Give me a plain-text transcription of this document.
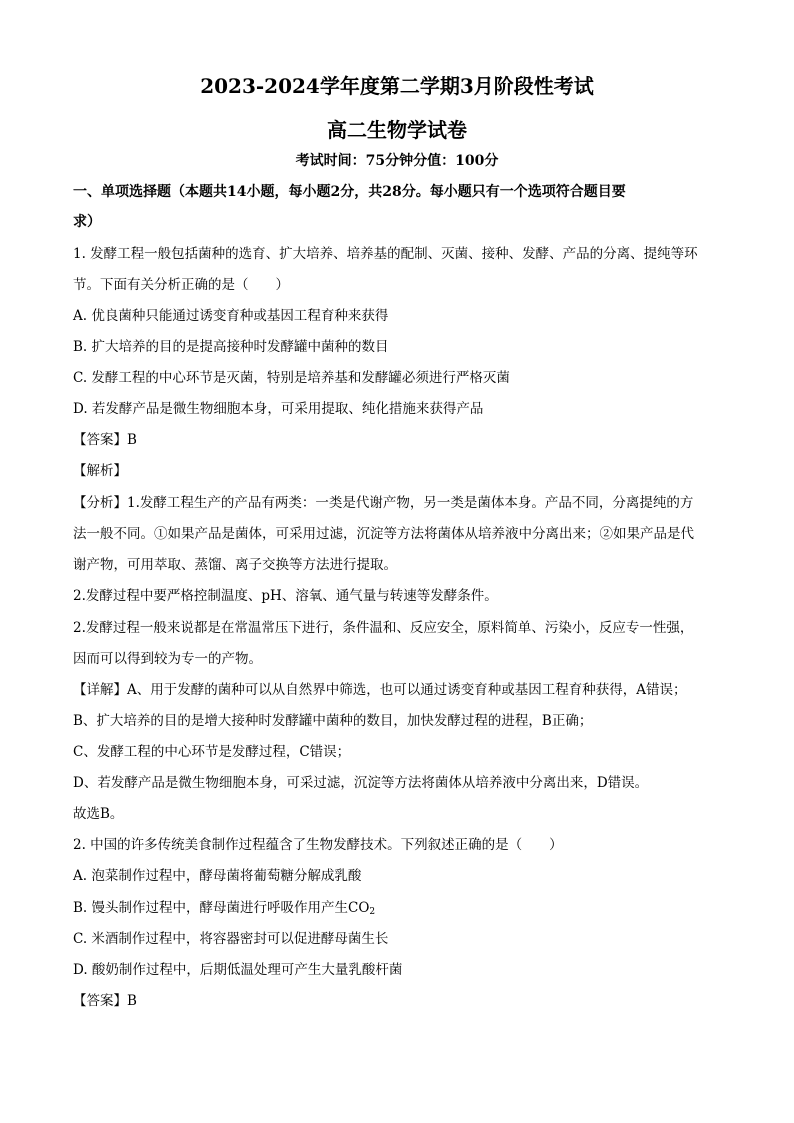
2023-2024学年度第二学期3月阶段性考试
高二生物学试卷
考试时间：75分钟分值：100分
一、单项选择题（本题共14小题，每小题2分，共28分。每小题只有一个选项符合题目要
求）
1. 发酵工程一般包括菌种的选育、扩大培养、培养基的配制、灭菌、接种、发酵、产品的分离、提纯等环
节。下面有关分析正确的是（　　）
A. 优良菌种只能通过诱变育种或基因工程育种来获得
B. 扩大培养的目的是提高接种时发酵罐中菌种的数目
C. 发酵工程的中心环节是灭菌，特别是培养基和发酵罐必须进行严格灭菌
D. 若发酵产品是微生物细胞本身，可采用提取、纯化措施来获得产品
【答案】B
【解析】
【分析】1.发酵工程生产的产品有两类：一类是代谢产物，另一类是菌体本身。产品不同，分离提纯的方
法一般不同。①如果产品是菌体，可采用过滤，沉淀等方法将菌体从培养液中分离出来；②如果产品是代
谢产物，可用萃取、蒸馏、离子交换等方法进行提取。
2.发酵过程中要严格控制温度、pH、溶氧、通气量与转速等发酵条件。
2.发酵过程一般来说都是在常温常压下进行，条件温和、反应安全，原料简单、污染小，反应专一性强，
因而可以得到较为专一的产物。
【详解】A、用于发酵的菌种可以从自然界中筛选，也可以通过诱变育种或基因工程育种获得，A错误；
B、扩大培养的目的是增大接种时发酵罐中菌种的数目，加快发酵过程的进程，B正确；
C、发酵工程的中心环节是发酵过程，C错误；
D、若发酵产品是微生物细胞本身，可采过滤，沉淀等方法将菌体从培养液中分离出来，D错误。
故选B。
2. 中国的许多传统美食制作过程蕴含了生物发酵技术。下列叙述正确的是（　　）
A. 泡菜制作过程中，酵母菌将葡萄糖分解成乳酸
B. 馒头制作过程中，酵母菌进行呼吸作用产生$CO_2$
C. 米酒制作过程中，将容器密封可以促进酵母菌生长
D. 酸奶制作过程中，后期低温处理可产生大量乳酸杆菌
【答案】B
